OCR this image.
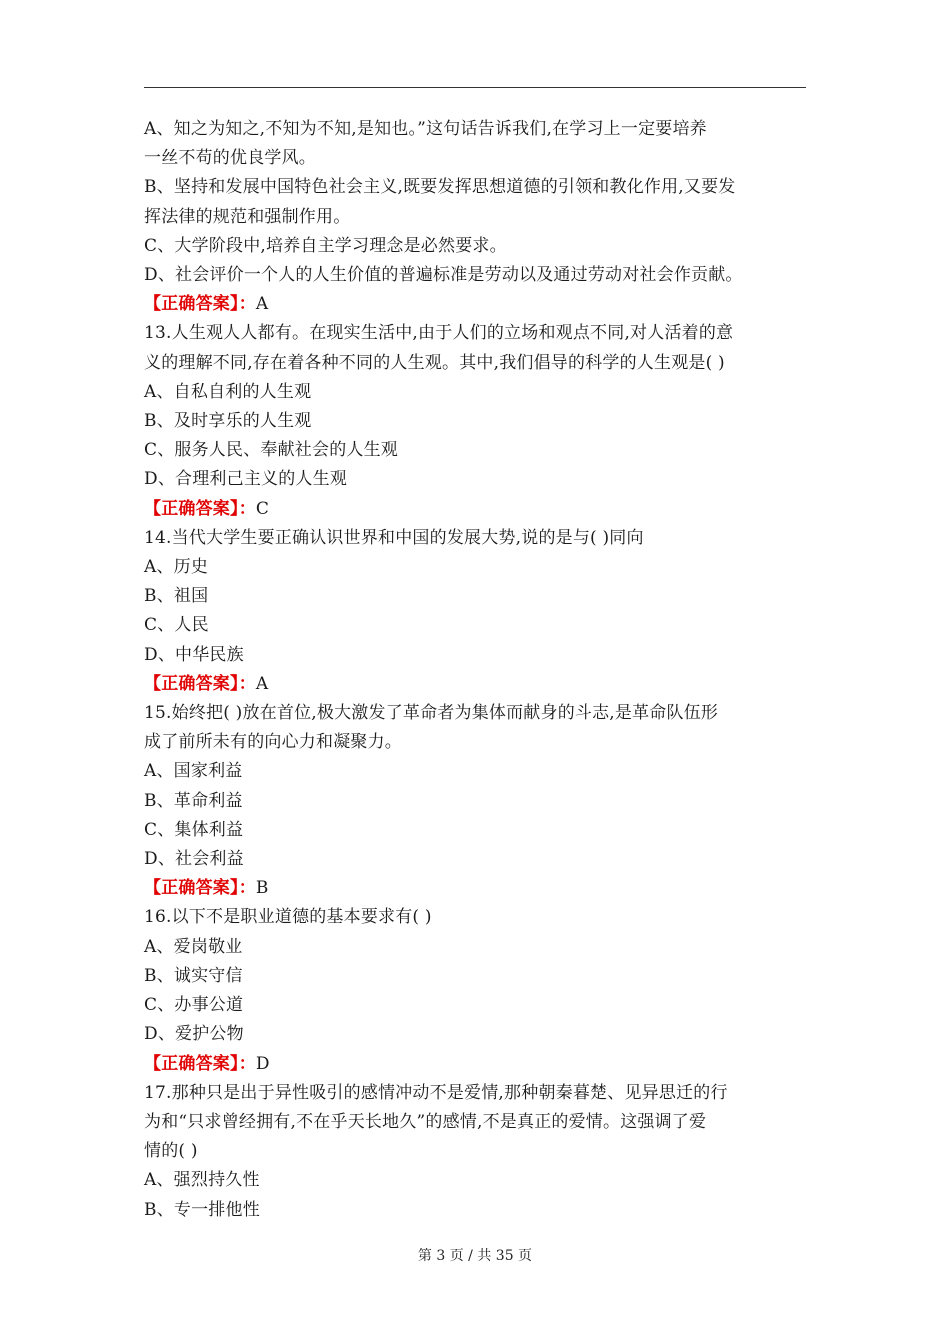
A、知之为知之,不知为不知,是知也。”这句话告诉我们,在学习上一定要培养
一丝不苟的优良学风。
B、坚持和发展中国特色社会主义,既要发挥思想道德的引领和教化作用,又要发
挥法律的规范和强制作用。
C、大学阶段中,培养自主学习理念是必然要求。
D、社会评价一个人的人生价值的普遍标准是劳动以及通过劳动对社会作贡献。
【正确答案】：A
13.人生观人人都有。在现实生活中,由于人们的立场和观点不同,对人活着的意
义的理解不同,存在着各种不同的人生观。其中,我们倡导的科学的人生观是( )
A、自私自利的人生观
B、及时享乐的人生观
C、服务人民、奉献社会的人生观
D、合理利己主义的人生观
【正确答案】：C
14.当代大学生要正确认识世界和中国的发展大势,说的是与( )同向
A、历史
B、祖国
C、人民
D、中华民族
【正确答案】：A
15.始终把( )放在首位,极大激发了革命者为集体而献身的斗志,是革命队伍形
成了前所未有的向心力和凝聚力。
A、国家利益
B、革命利益
C、集体利益
D、社会利益
【正确答案】：B
16.以下不是职业道德的基本要求有( )
A、爱岗敬业
B、诚实守信
C、办事公道
D、爱护公物
【正确答案】：D
17.那种只是出于异性吸引的感情冲动不是爱情,那种朝秦暮楚、见异思迁的行
为和“只求曾经拥有,不在乎天长地久”的感情,不是真正的爱情。这强调了爱
情的( )
A、强烈持久性
B、专一排他性
第 3 页 / 共 35 页
